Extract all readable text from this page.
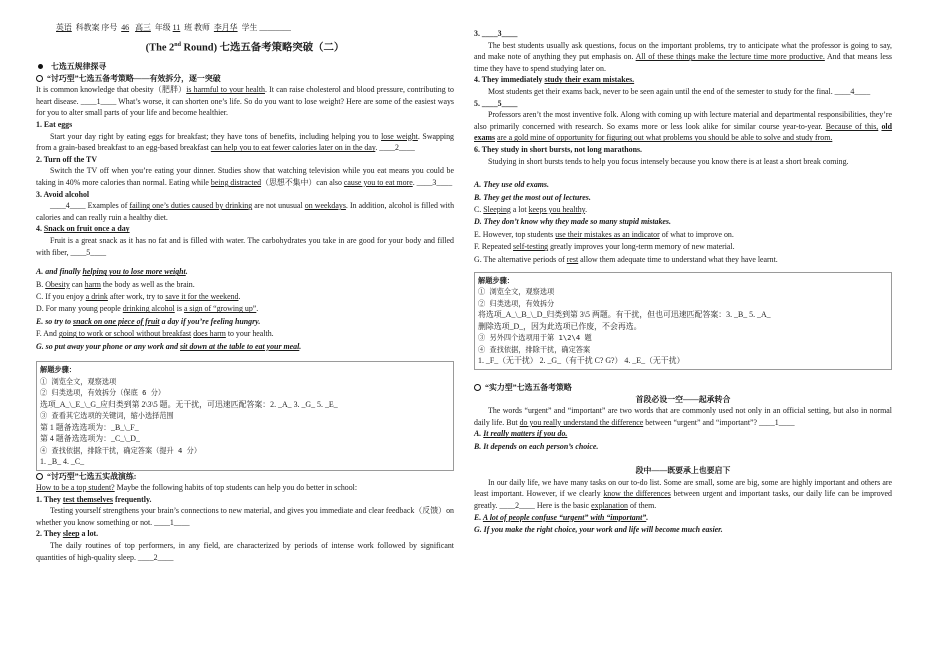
英语 科教案 序号 46 高三 年级 11 班 教师 李月华 学生 ________

(The 2nd Round) 七选五备考策略突破（二）

七选五规律探寻

“讨巧型”七选五备考策略——有效拆分，逐一突破

It is common knowledge that obesity（肥胖）is harmful to your health. It can raise cholesterol and blood pressure, contributing to heart disease. ____1____ What’s worse, it can shorten one’s life. So do you want to lose weight? Here are some of the easiest ways for you to alter small parts of your life and become healthier.

1. Eat eggs

Start your day right by eating eggs for breakfast; they have tons of benefits, including helping you to lose weight. Swapping from a grain-based breakfast to an egg-based breakfast can help you to eat fewer calories later on in the day. ____2____

2. Turn off the TV

Switch the TV off when you’re eating your dinner. Studies show that watching television while you eat means you could be taking in 40% more calories than normal. Eating while being distracted（思想不集中）can also cause you to eat more. ____3____

3. Avoid alcohol

____4____ Examples of failing one’s duties caused by drinking are not unusual on weekdays. In addition, alcohol is filled with calories and can really ruin a healthy diet.

4. Snack on fruit once a day

Fruit is a great snack as it has no fat and is filled with water. The carbohydrates you take in are good for your body and filled with fiber, ____5____

A. and finally helping you to lose more weight.

B. Obesity can harm the body as well as the brain.

C. If you enjoy a drink after work, try to save it for the weekend.

D. For many young people drinking alcohol is a sign of “growing up”.

E. so try to snack on one piece of fruit a day if you’re feeling hungry.

F. And going to work or school without breakfast does harm to your health.

G. so put away your phone or any work and sit down at the table to eat your meal.

解题步骤：

① 浏览全文，观察选项

② 归类选项，有效拆分（保底 6 分）

选项_A_\_E_\_G_应归类到第 2\3\5 题。无干扰，可迅速匹配答案：2. _A_ 3. _G_ 5. _E_

③ 查看其它选项的关键词，缩小选择范围

第 1 题备选选项为：_B_\_F_

第 4 题备选选项为：_C_\_D_

④ 查找依据，排除干扰，确定答案（提升 4 分）

1. _B_ 4. _C_

“讨巧型”七选五实战演练:

How to be a top student? Maybe the following habits of top students can help you do better in school:

1. They test themselves frequently.

Testing yourself strengthens your brain’s connections to new material, and gives you immediate and clear feedback（反馈）on whether you know something or not. ____1____

2. They sleep a lot.

The daily routines of top performers, in any field, are characterized by periods of intense work followed by significant quantities of high-quality sleep. ____2____

3. ____3____

The best students usually ask questions, focus on the important problems, try to anticipate what the professor is going to say, and make note of anything they put emphasis on. All of these things make the lecture time more productive. And that means less time they have to spend studying later on.

4. They immediately study their exam mistakes.

Most students get their exams back, never to be seen again until the end of the semester to study for the final. ____4____

5. ____5____

Professors aren’t the most inventive folk. Along with coming up with lecture material and departmental responsibilities, they’re also primarily concerned with research. So exams more or less look alike for similar course year-to-year. Because of this, old exams are a gold mine of opportunity for figuring out what problems you should be able to solve and study from.

6. They study in short bursts, not long marathons.

Studying in short bursts tends to help you focus intensely because you know there is at least a short break coming.

A. They use old exams.

B. They get the most out of lectures.

C. Sleeping a lot keeps you healthy.

D. They don’t know why they made so many stupid mistakes.

E. However, top students use their mistakes as an indicator of what to improve on.

F. Repeated self-testing greatly improves your long-term memory of new material.

G. The alternative periods of rest allow them adequate time to understand what they have learnt.

解题步骤：

① 浏览全文，观察选项

② 归类选项，有效拆分

将选项_A_\_B_\_D_归类到第 3\5 两题。有干扰，但也可迅速匹配答案：3. _B_ 5. _A_

删除选项_D_，因为此选项已作废，不会再选。

③ 另外四个选项用于第 1\2\4 题

④ 查找依据，排除干扰，确定答案

1. _F_（无干扰） 2. _G_（有干扰 C? G?） 4. _E_（无干扰）

“实力型”七选五备考策略

首段必设一空——起承转合

The words “urgent” and “important” are two words that are commonly used not only in an official setting, but also in normal daily life. But do you really understand the difference between “urgent” and “important”? ____1____

A. It really matters if you do.

B. It depends on each person’s choice.

段中——既要承上也要启下

In our daily life, we have many tasks on our to-do list. Some are small, some are big, some are highly important and others are least important. However, if we clearly know the differences between urgent and important tasks, our daily life can be improved greatly. ____2____ Here is the basic explanation of them.

E. A lot of people confuse “urgent” with “important”.

G. If you make the right choice, your work and life will become much easier.
